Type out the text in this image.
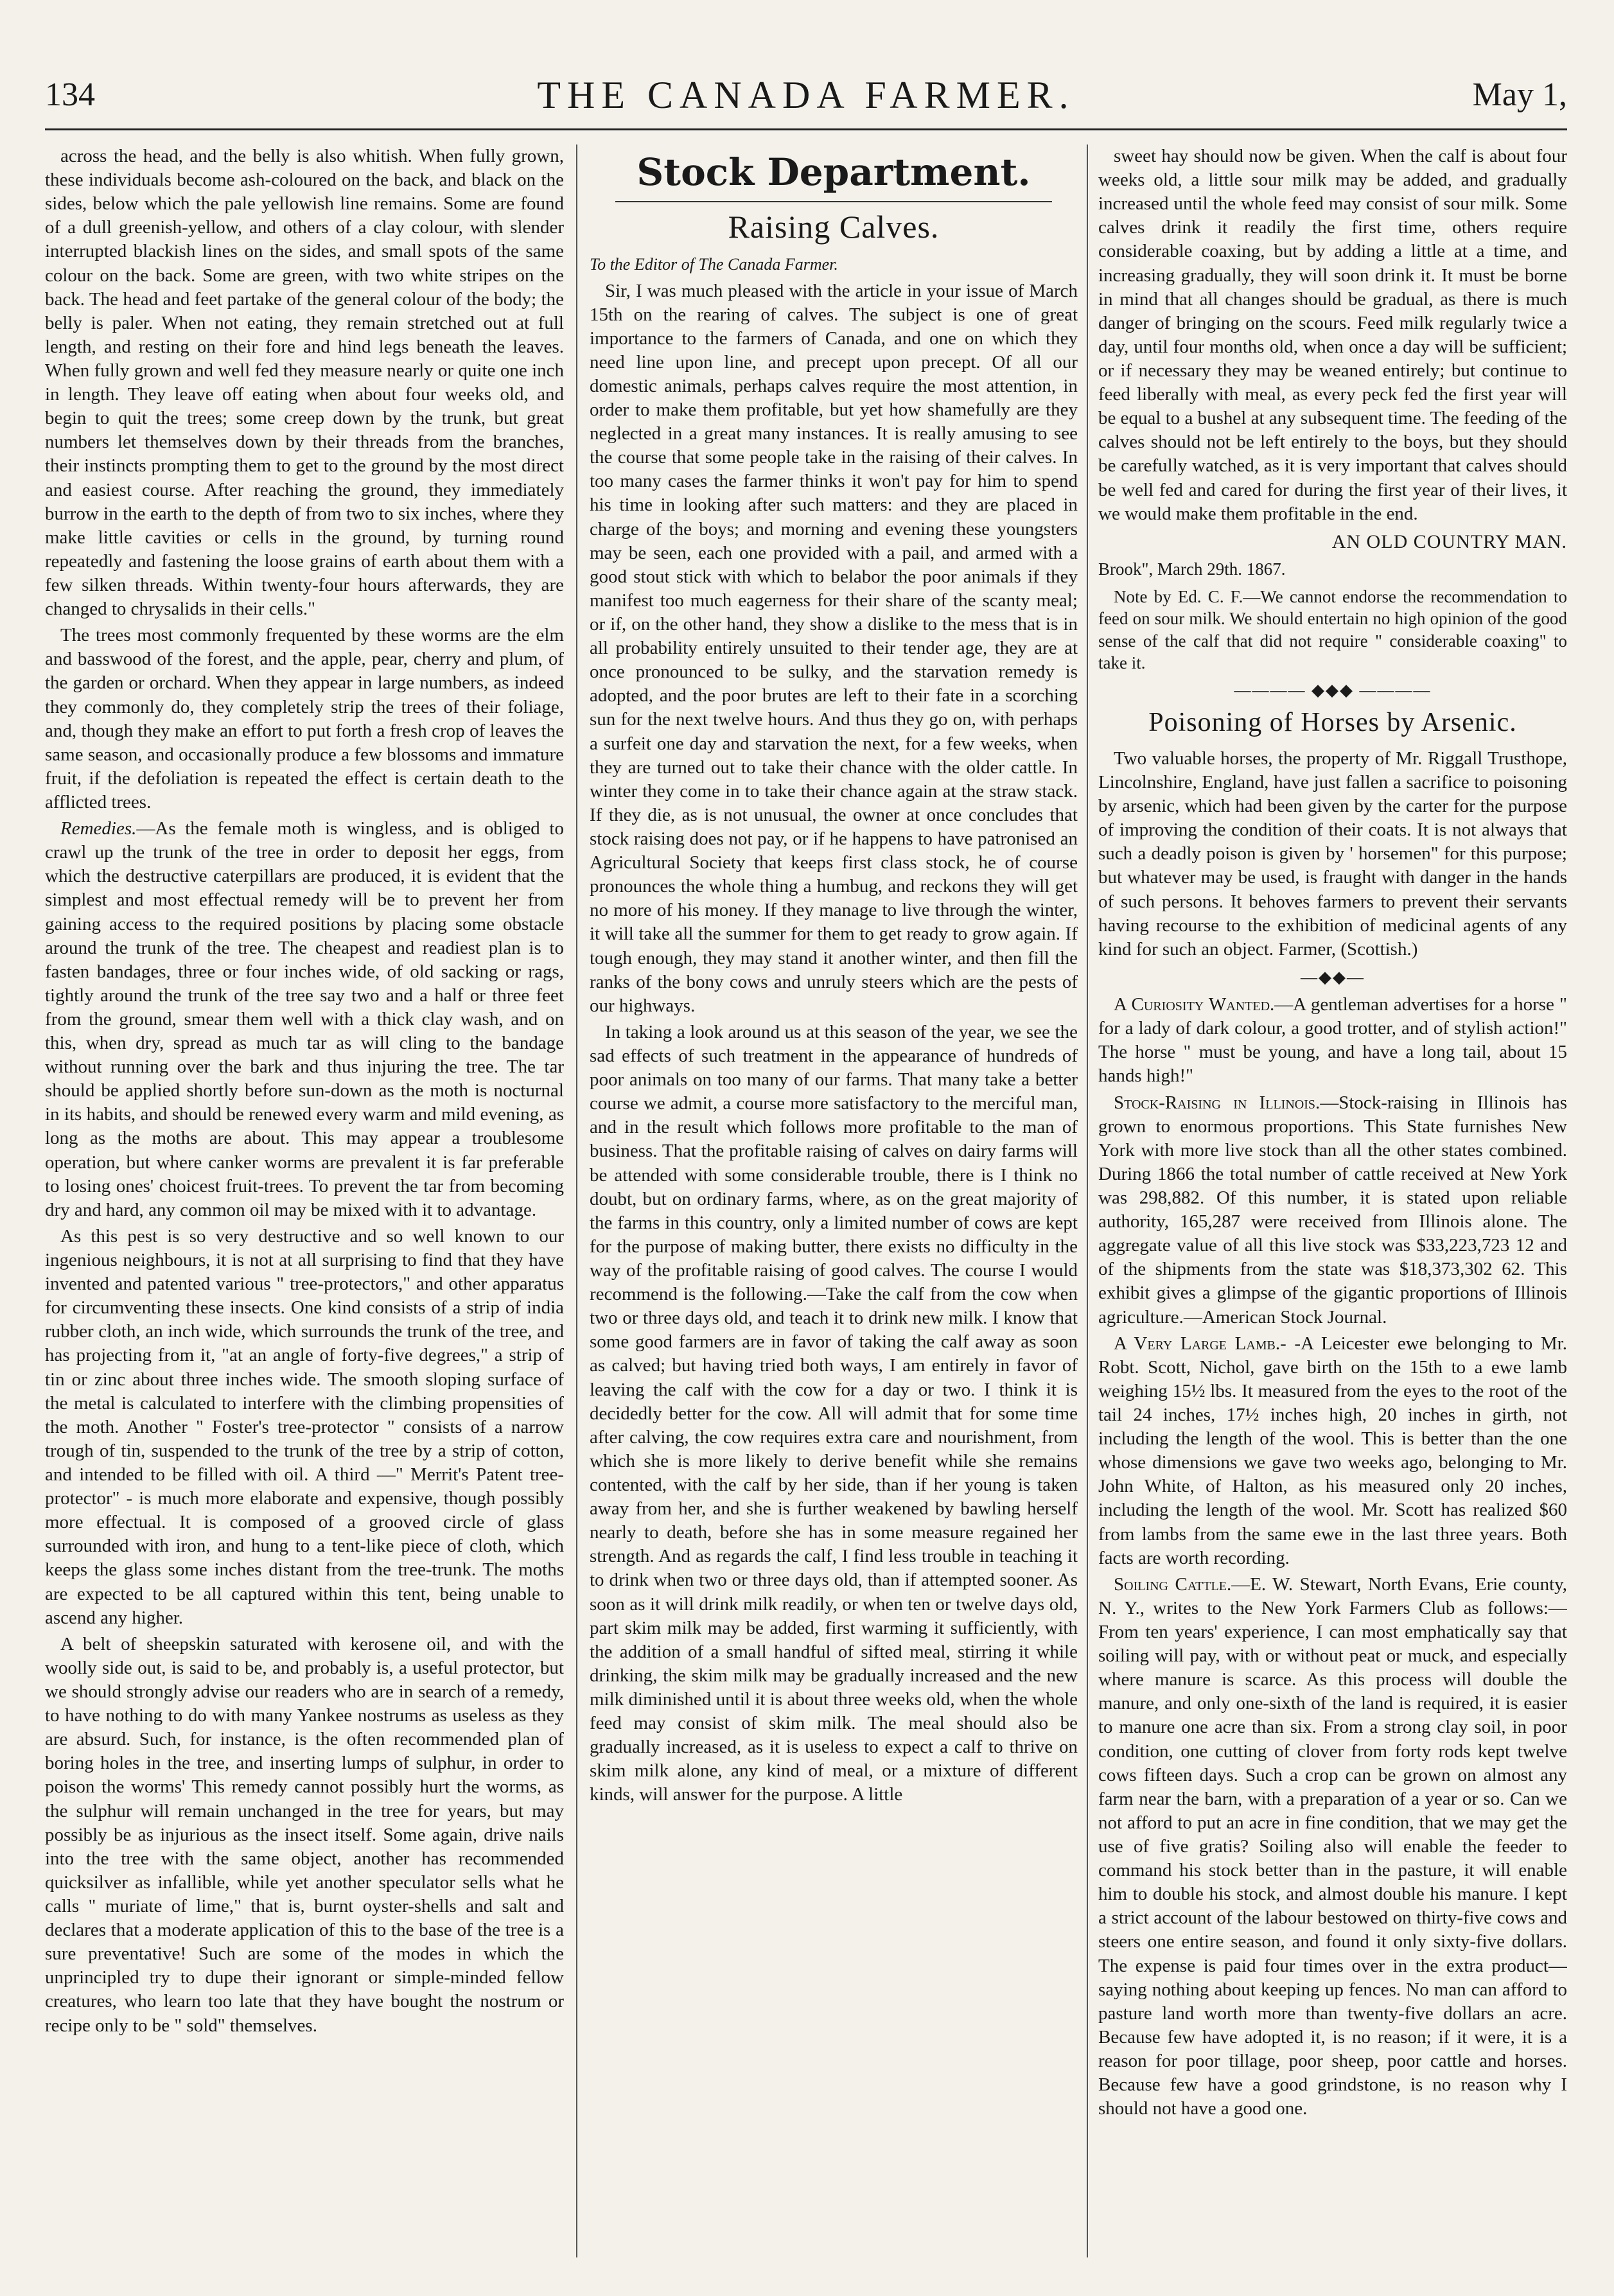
134	THE CANADA FARMER.	May 1,

across the head, and the belly is also whitish. When fully grown, these individuals become ash-coloured on the back, and black on the sides, below which the pale yellowish line remains. Some are found of a dull greenish-yellow, and others of a clay colour, with slender interrupted blackish lines on the sides, and small spots of the same colour on the back. Some are green, with two white stripes on the back. The head and feet partake of the general colour of the body; the belly is paler. When not eating, they remain stretched out at full length, and resting on their fore and hind legs beneath the leaves. When fully grown and well fed they measure nearly or quite one inch in length. They leave off eating when about four weeks old, and begin to quit the trees; some creep down by the trunk, but great numbers let themselves down by their threads from the branches, their instincts prompting them to get to the ground by the most direct and easiest course. After reaching the ground, they immediately burrow in the earth to the depth of from two to six inches, where they make little cavities or cells in the ground, by turning round repeatedly and fastening the loose grains of earth about them with a few silken threads. Within twenty-four hours afterwards, they are changed to chrysalids in their cells."

The trees most commonly frequented by these worms are the elm and basswood of the forest, and the apple, pear, cherry and plum, of the garden or orchard. When they appear in large numbers, as indeed they commonly do, they completely strip the trees of their foliage, and, though they make an effort to put forth a fresh crop of leaves the same season, and occasionally produce a few blossoms and immature fruit, if the defoliation is repeated the effect is certain death to the afflicted trees.

Remedies.—As the female moth is wingless, and is obliged to crawl up the trunk of the tree in order to deposit her eggs, from which the destructive caterpillars are produced, it is evident that the simplest and most effectual remedy will be to prevent her from gaining access to the required positions by placing some obstacle around the trunk of the tree. The cheapest and readiest plan is to fasten bandages, three or four inches wide, of old sacking or rags, tightly around the trunk of the tree say two and a half or three feet from the ground, smear them well with a thick clay wash, and on this, when dry, spread as much tar as will cling to the bandage without running over the bark and thus injuring the tree. The tar should be applied shortly before sun-down as the moth is nocturnal in its habits, and should be renewed every warm and mild evening, as long as the moths are about. This may appear a troublesome operation, but where canker worms are prevalent it is far preferable to losing ones' choicest fruit-trees. To prevent the tar from becoming dry and hard, any common oil may be mixed with it to advantage.

As this pest is so very destructive and so well known to our ingenious neighbours, it is not at all surprising to find that they have invented and patented various " tree-protectors," and other apparatus for circumventing these insects. One kind consists of a strip of india rubber cloth, an inch wide, which surrounds the trunk of the tree, and has projecting from it, "at an angle of forty-five degrees," a strip of tin or zinc about three inches wide. The smooth sloping surface of the metal is calculated to interfere with the climbing propensities of the moth. Another " Foster's tree-protector " consists of a narrow trough of tin, suspended to the trunk of the tree by a strip of cotton, and intended to be filled with oil. A third —" Merrit's Patent tree-protector" - is much more elaborate and expensive, though possibly more effectual. It is composed of a grooved circle of glass surrounded with iron, and hung to a tent-like piece of cloth, which keeps the glass some inches distant from the tree-trunk. The moths are expected to be all captured within this tent, being unable to ascend any higher.

A belt of sheepskin saturated with kerosene oil, and with the woolly side out, is said to be, and probably is, a useful protector, but we should strongly advise our readers who are in search of a remedy, to have nothing to do with many Yankee nostrums as useless as they are absurd. Such, for instance, is the often recommended plan of boring holes in the tree, and inserting lumps of sulphur, in order to poison the worms' This remedy cannot possibly hurt the worms, as the sulphur will remain unchanged in the tree for years, but may possibly be as injurious as the insect itself. Some again, drive nails into the tree with the same object, another has recommended quicksilver as infallible, while yet another speculator sells what he calls " muriate of lime," that is, burnt oyster-shells and salt and declares that a moderate application of this to the base of the tree is a sure preventative! Such are some of the modes in which the unprincipled try to dupe their ignorant or simple-minded fellow creatures, who learn too late that they have bought the nostrum or recipe only to be " sold" themselves.

Stock Department.
Raising Calves.
To the Editor of The Canada Farmer.

Sir, I was much pleased with the article in your issue of March 15th on the rearing of calves. The subject is one of great importance to the farmers of Canada, and one on which they need line upon line, and precept upon precept. Of all our domestic animals, perhaps calves require the most attention, in order to make them profitable, but yet how shamefully are they neglected in a great many instances. It is really amusing to see the course that some people take in the raising of their calves. In too many cases the farmer thinks it won't pay for him to spend his time in looking after such matters: and they are placed in charge of the boys; and morning and evening these youngsters may be seen, each one provided with a pail, and armed with a good stout stick with which to belabor the poor animals if they manifest too much eagerness for their share of the scanty meal; or if, on the other hand, they show a dislike to the mess that is in all probability entirely unsuited to their tender age, they are at once pronounced to be sulky, and the starvation remedy is adopted, and the poor brutes are left to their fate in a scorching sun for the next twelve hours. And thus they go on, with perhaps a surfeit one day and starvation the next, for a few weeks, when they are turned out to take their chance with the older cattle. In winter they come in to take their chance again at the straw stack. If they die, as is not unusual, the owner at once concludes that stock raising does not pay, or if he happens to have patronised an Agricultural Society that keeps first class stock, he of course pronounces the whole thing a humbug, and reckons they will get no more of his money. If they manage to live through the winter, it will take all the summer for them to get ready to grow again. If tough enough, they may stand it another winter, and then fill the ranks of the bony cows and unruly steers which are the pests of our highways.

In taking a look around us at this season of the year, we see the sad effects of such treatment in the appearance of hundreds of poor animals on too many of our farms. That many take a better course we admit, a course more satisfactory to the merciful man, and in the result which follows more profitable to the man of business. That the profitable raising of calves on dairy farms will be attended with some considerable trouble, there is I think no doubt, but on ordinary farms, where, as on the great majority of the farms in this country, only a limited number of cows are kept for the purpose of making butter, there exists no difficulty in the way of the profitable raising of good calves. The course I would recommend is the following.—Take the calf from the cow when two or three days old, and teach it to drink new milk. I know that some good farmers are in favor of taking the calf away as soon as calved; but having tried both ways, I am entirely in favor of leaving the calf with the cow for a day or two. I think it is decidedly better for the cow. All will admit that for some time after calving, the cow requires extra care and nourishment, from which she is more likely to derive benefit while she remains contented, with the calf by her side, than if her young is taken away from her, and she is further weakened by bawling herself nearly to death, before she has in some measure regained her strength. And as regards the calf, I find less trouble in teaching it to drink when two or three days old, than if attempted sooner. As soon as it will drink milk readily, or when ten or twelve days old, part skim milk may be added, first warming it sufficiently, with the addition of a small handful of sifted meal, stirring it while drinking, the skim milk may be gradually increased and the new milk diminished until it is about three weeks old, when the whole feed may consist of skim milk. The meal should also be gradually increased, as it is useless to expect a calf to thrive on skim milk alone, any kind of meal, or a mixture of different kinds, will answer for the purpose. A little

sweet hay should now be given. When the calf is about four weeks old, a little sour milk may be added, and gradually increased until the whole feed may consist of sour milk. Some calves drink it readily the first time, others require considerable coaxing, but by adding a little at a time, and increasing gradually, they will soon drink it. It must be borne in mind that all changes should be gradual, as there is much danger of bringing on the scours. Feed milk regularly twice a day, until four months old, when once a day will be sufficient; or if necessary they may be weaned entirely; but continue to feed liberally with meal, as every peck fed the first year will be equal to a bushel at any subsequent time. The feeding of the calves should not be left entirely to the boys, but they should be carefully watched, as it is very important that calves should be well fed and cared for during the first year of their lives, it we would make them profitable in the end.

AN OLD COUNTRY MAN.
Brook", March 29th. 1867.

Note by Ed. C. F.—We cannot endorse the recommendation to feed on sour milk. We should entertain no high opinion of the good sense of the calf that did not require " considerable coaxing" to take it.

———— ◆◆◆ ————
Poisoning of Horses by Arsenic.

Two valuable horses, the property of Mr. Riggall Trusthope, Lincolnshire, England, have just fallen a sacrifice to poisoning by arsenic, which had been given by the carter for the purpose of improving the condition of their coats. It is not always that such a deadly poison is given by ' horsemen" for this purpose; but whatever may be used, is fraught with danger in the hands of such persons. It behoves farmers to prevent their servants having recourse to the exhibition of medicinal agents of any kind for such an object. Farmer, (Scottish.)

—◆◆—

A Curiosity Wanted.—A gentleman advertises for a horse " for a lady of dark colour, a good trotter, and of stylish action!" The horse " must be young, and have a long tail, about 15 hands high!"

Stock-Raising in Illinois.—Stock-raising in Illinois has grown to enormous proportions. This State furnishes New York with more live stock than all the other states combined. During 1866 the total number of cattle received at New York was 298,882. Of this number, it is stated upon reliable authority, 165,287 were received from Illinois alone. The aggregate value of all this live stock was $33,223,723 12 and of the shipments from the state was $18,373,302 62. This exhibit gives a glimpse of the gigantic proportions of Illinois agriculture.—American Stock Journal.

A Very Large Lamb.- -A Leicester ewe belonging to Mr. Robt. Scott, Nichol, gave birth on the 15th to a ewe lamb weighing 15½ lbs. It measured from the eyes to the root of the tail 24 inches, 17½ inches high, 20 inches in girth, not including the length of the wool. This is better than the one whose dimensions we gave two weeks ago, belonging to Mr. John White, of Halton, as his measured only 20 inches, including the length of the wool. Mr. Scott has realized $60 from lambs from the same ewe in the last three years. Both facts are worth recording.

Soiling Cattle.—E. W. Stewart, North Evans, Erie county, N. Y., writes to the New York Farmers Club as follows:—From ten years' experience, I can most emphatically say that soiling will pay, with or without peat or muck, and especially where manure is scarce. As this process will double the manure, and only one-sixth of the land is required, it is easier to manure one acre than six. From a strong clay soil, in poor condition, one cutting of clover from forty rods kept twelve cows fifteen days. Such a crop can be grown on almost any farm near the barn, with a preparation of a year or so. Can we not afford to put an acre in fine condition, that we may get the use of five gratis? Soiling also will enable the feeder to command his stock better than in the pasture, it will enable him to double his stock, and almost double his manure. I kept a strict account of the labour bestowed on thirty-five cows and steers one entire season, and found it only sixty-five dollars. The expense is paid four times over in the extra product—saying nothing about keeping up fences. No man can afford to pasture land worth more than twenty-five dollars an acre. Because few have adopted it, is no reason; if it were, it is a reason for poor tillage, poor sheep, poor cattle and horses. Because few have a good grindstone, is no reason why I should not have a good one.
